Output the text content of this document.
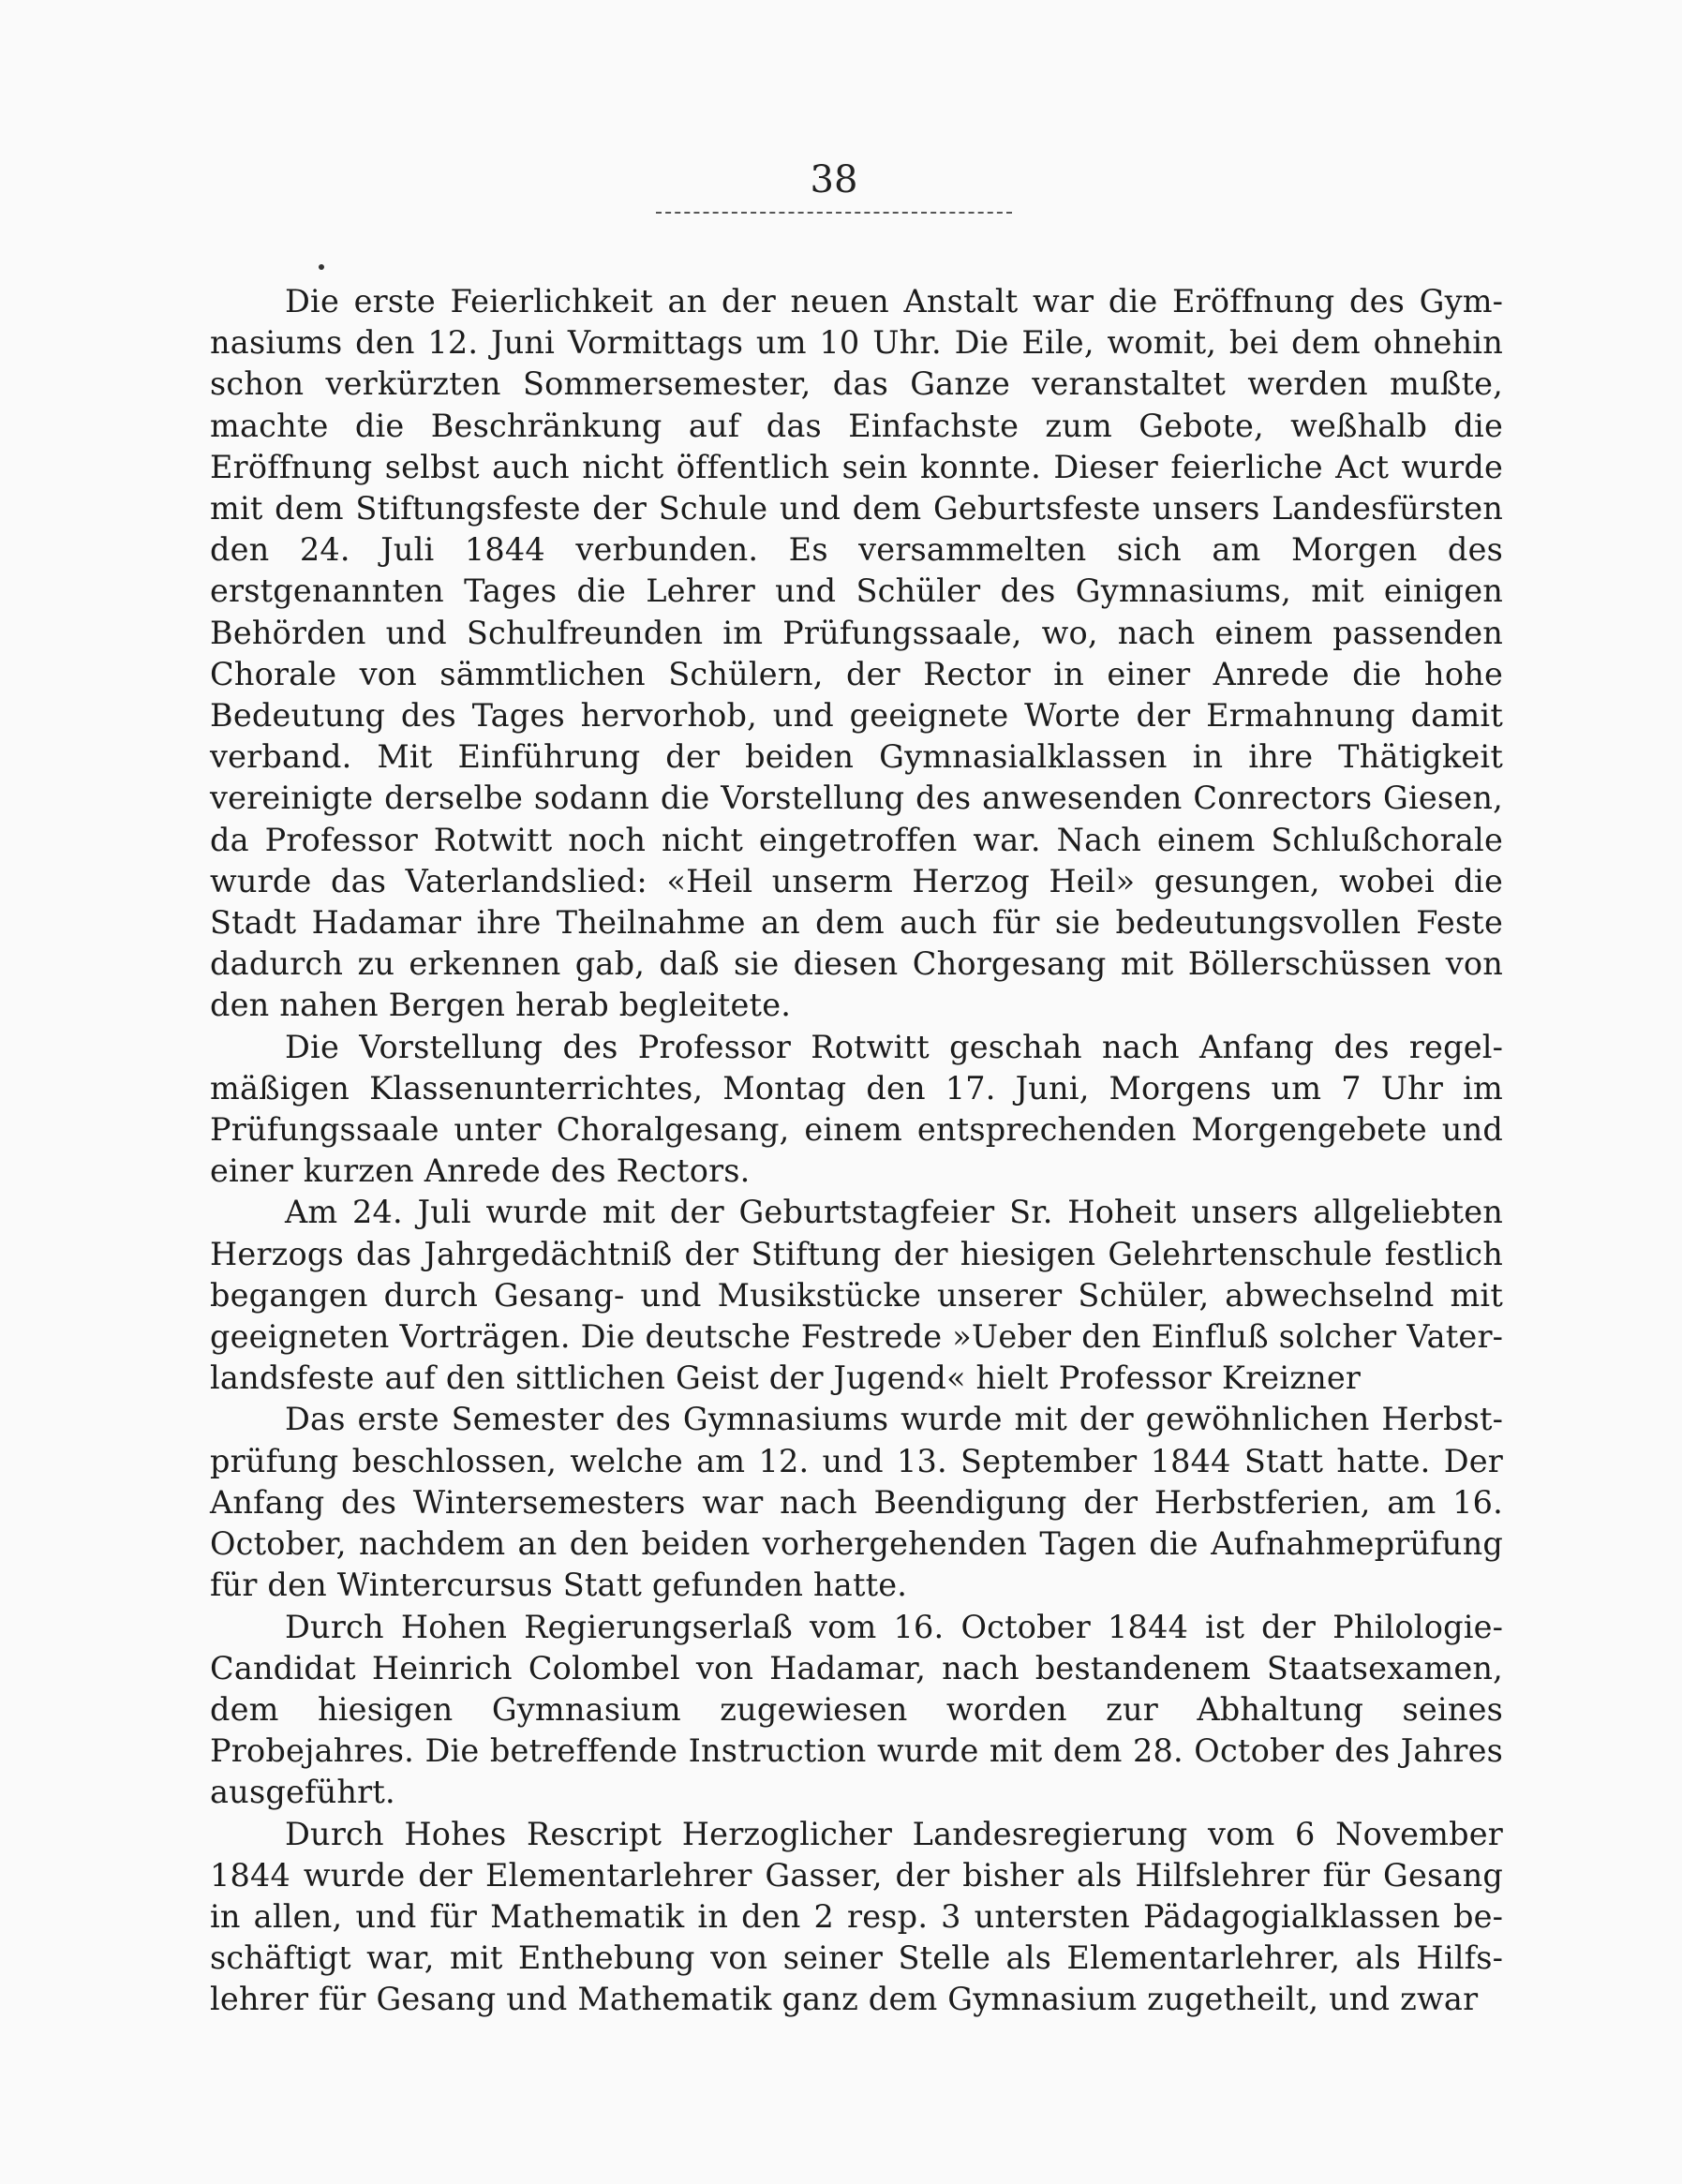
38

Die erste Feierlichkeit an der neuen Anstalt war die Eröffnung des Gymnasiums den 12. Juni Vormittags um 10 Uhr. Die Eile, womit, bei dem ohnehin schon verkürzten Sommersemester, das Ganze veranstaltet werden mußte, machte die Beschränkung auf das Einfachste zum Gebote, weßhalb die Eröffnung selbst auch nicht öffentlich sein konnte. Dieser feierliche Act wurde mit dem Stiftungsfeste der Schule und dem Geburtsfeste unsers Landesfürsten den 24. Juli 1844 verbunden. Es versammelten sich am Morgen des erstgenannten Tages die Lehrer und Schüler des Gymnasiums, mit einigen Behörden und Schulfreunden im Prüfungssaale, wo, nach einem passenden Chorale von sämmtlichen Schülern, der Rector in einer Anrede die hohe Bedeutung des Tages hervorhob, und geeignete Worte der Ermahnung damit verband. Mit Einführung der beiden Gymnasialklassen in ihre Thätigkeit vereinigte derselbe sodann die Vorstellung des anwesenden Conrectors Giesen, da Professor Rotwitt noch nicht eingetroffen war. Nach einem Schlußchorale wurde das Vaterlandslied: «Heil unserm Herzog Heil» gesungen, wobei die Stadt Hadamar ihre Theilnahme an dem auch für sie bedeutungsvollen Feste dadurch zu erkennen gab, daß sie diesen Chorgesang mit Böllerschüssen von den nahen Bergen herab begleitete.

Die Vorstellung des Professor Rotwitt geschah nach Anfang des regelmäßigen Klassenunterrichtes, Montag den 17. Juni, Morgens um 7 Uhr im Prüfungssaale unter Choralgesang, einem entsprechenden Morgengebete und einer kurzen Anrede des Rectors.

Am 24. Juli wurde mit der Geburtstagfeier Sr. Hoheit unsers allgeliebten Herzogs das Jahrgedächtniß der Stiftung der hiesigen Gelehrtenschule festlich begangen durch Gesang- und Musikstücke unserer Schüler, abwechselnd mit geeigneten Vorträgen. Die deutsche Festrede »Ueber den Einfluß solcher Vaterlandsfeste auf den sittlichen Geist der Jugend« hielt Professor Kreizner

Das erste Semester des Gymnasiums wurde mit der gewöhnlichen Herbstprüfung beschlossen, welche am 12. und 13. September 1844 Statt hatte. Der Anfang des Wintersemesters war nach Beendigung der Herbstferien, am 16. October, nachdem an den beiden vorhergehenden Tagen die Aufnahmeprüfung für den Wintercursus Statt gefunden hatte.

Durch Hohen Regierungserlaß vom 16. October 1844 ist der PhilologieCandidat Heinrich Colombel von Hadamar, nach bestandenem Staatsexamen, dem hiesigen Gymnasium zugewiesen worden zur Abhaltung seines Probejahres. Die betreffende Instruction wurde mit dem 28. October des Jahres ausgeführt.

Durch Hohes Rescript Herzoglicher Landesregierung vom 6 November 1844 wurde der Elementarlehrer Gasser, der bisher als Hilfslehrer für Gesang in allen, und für Mathematik in den 2 resp. 3 untersten Pädagogialklassen beschäftigt war, mit Enthebung von seiner Stelle als Elementarlehrer, als Hilfslehrer für Gesang und Mathematik ganz dem Gymnasium zugetheilt, und zwar
